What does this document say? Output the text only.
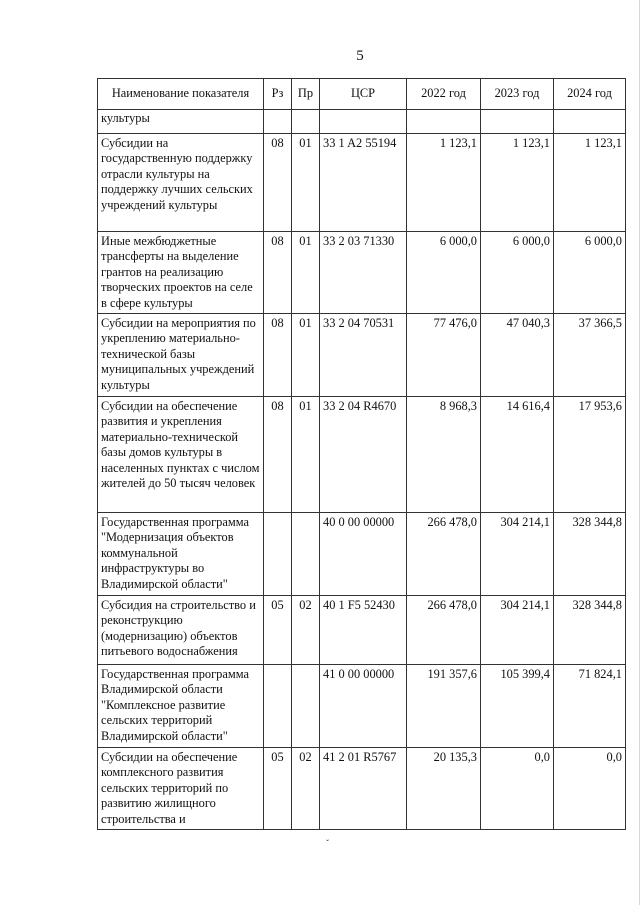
5
Наименование показателя	Рз	Пр	ЦСР	2022 год	2023 год	2024 год
культуры						
Субсидии на государственную поддержку отрасли культуры на поддержку лучших сельских учреждений культуры	08	01	33 1 A2 55194	1 123,1	1 123,1	1 123,1
Иные межбюджетные трансферты на выделение грантов на реализацию творческих проектов на селе в сфере культуры	08	01	33 2 03 71330	6 000,0	6 000,0	6 000,0
Субсидии на мероприятия по укреплению материально-технической базы муниципальных учреждений культуры	08	01	33 2 04 70531	77 476,0	47 040,3	37 366,5
Субсидии на обеспечение развития и укрепления материально-технической базы домов культуры в населенных пунктах с числом жителей до 50 тысяч человек	08	01	33 2 04 R4670	8 968,3	14 616,4	17 953,6
Государственная программа "Модернизация объектов коммунальной инфраструктуры во Владимирской области"			40 0 00 00000	266 478,0	304 214,1	328 344,8
Субсидия на строительство и реконструкцию (модернизацию) объектов питьевого водоснабжения	05	02	40 1 F5 52430	266 478,0	304 214,1	328 344,8
Государственная программа Владимирской области "Комплексное развитие сельских территорий Владимирской области"			41 0 00 00000	191 357,6	105 399,4	71 824,1
Субсидии на обеспечение комплексного развития сельских территорий по развитию жилищного строительства и	05	02	41 2 01 R5767	20 135,3	0,0	0,0
ˇ
